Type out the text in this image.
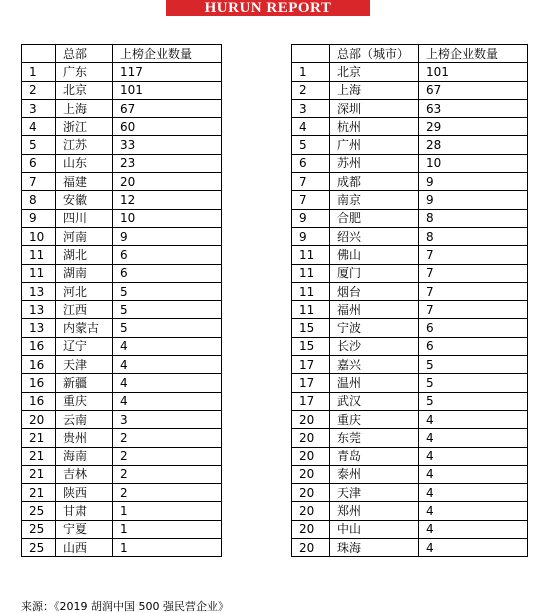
HURUN REPORT
	总部	上榜企业数量
1	广东	117
2	北京	101
3	上海	67
4	浙江	60
5	江苏	33
6	山东	23
7	福建	20
8	安徽	12
9	四川	10
10	河南	9
11	湖北	6
11	湖南	6
13	河北	5
13	江西	5
13	内蒙古	5
16	辽宁	4
16	天津	4
16	新疆	4
16	重庆	4
20	云南	3
21	贵州	2
21	海南	2
21	吉林	2
21	陕西	2
25	甘肃	1
25	宁夏	1
25	山西	1
	总部（城市）	上榜企业数量
1	北京	101
2	上海	67
3	深圳	63
4	杭州	29
5	广州	28
6	苏州	10
7	成都	9
7	南京	9
9	合肥	8
9	绍兴	8
11	佛山	7
11	厦门	7
11	烟台	7
11	福州	7
15	宁波	6
15	长沙	6
17	嘉兴	5
17	温州	5
17	武汉	5
20	重庆	4
20	东莞	4
20	青岛	4
20	泰州	4
20	天津	4
20	郑州	4
20	中山	4
20	珠海	4
来源：《2019 胡润中国 500 强民营企业》
